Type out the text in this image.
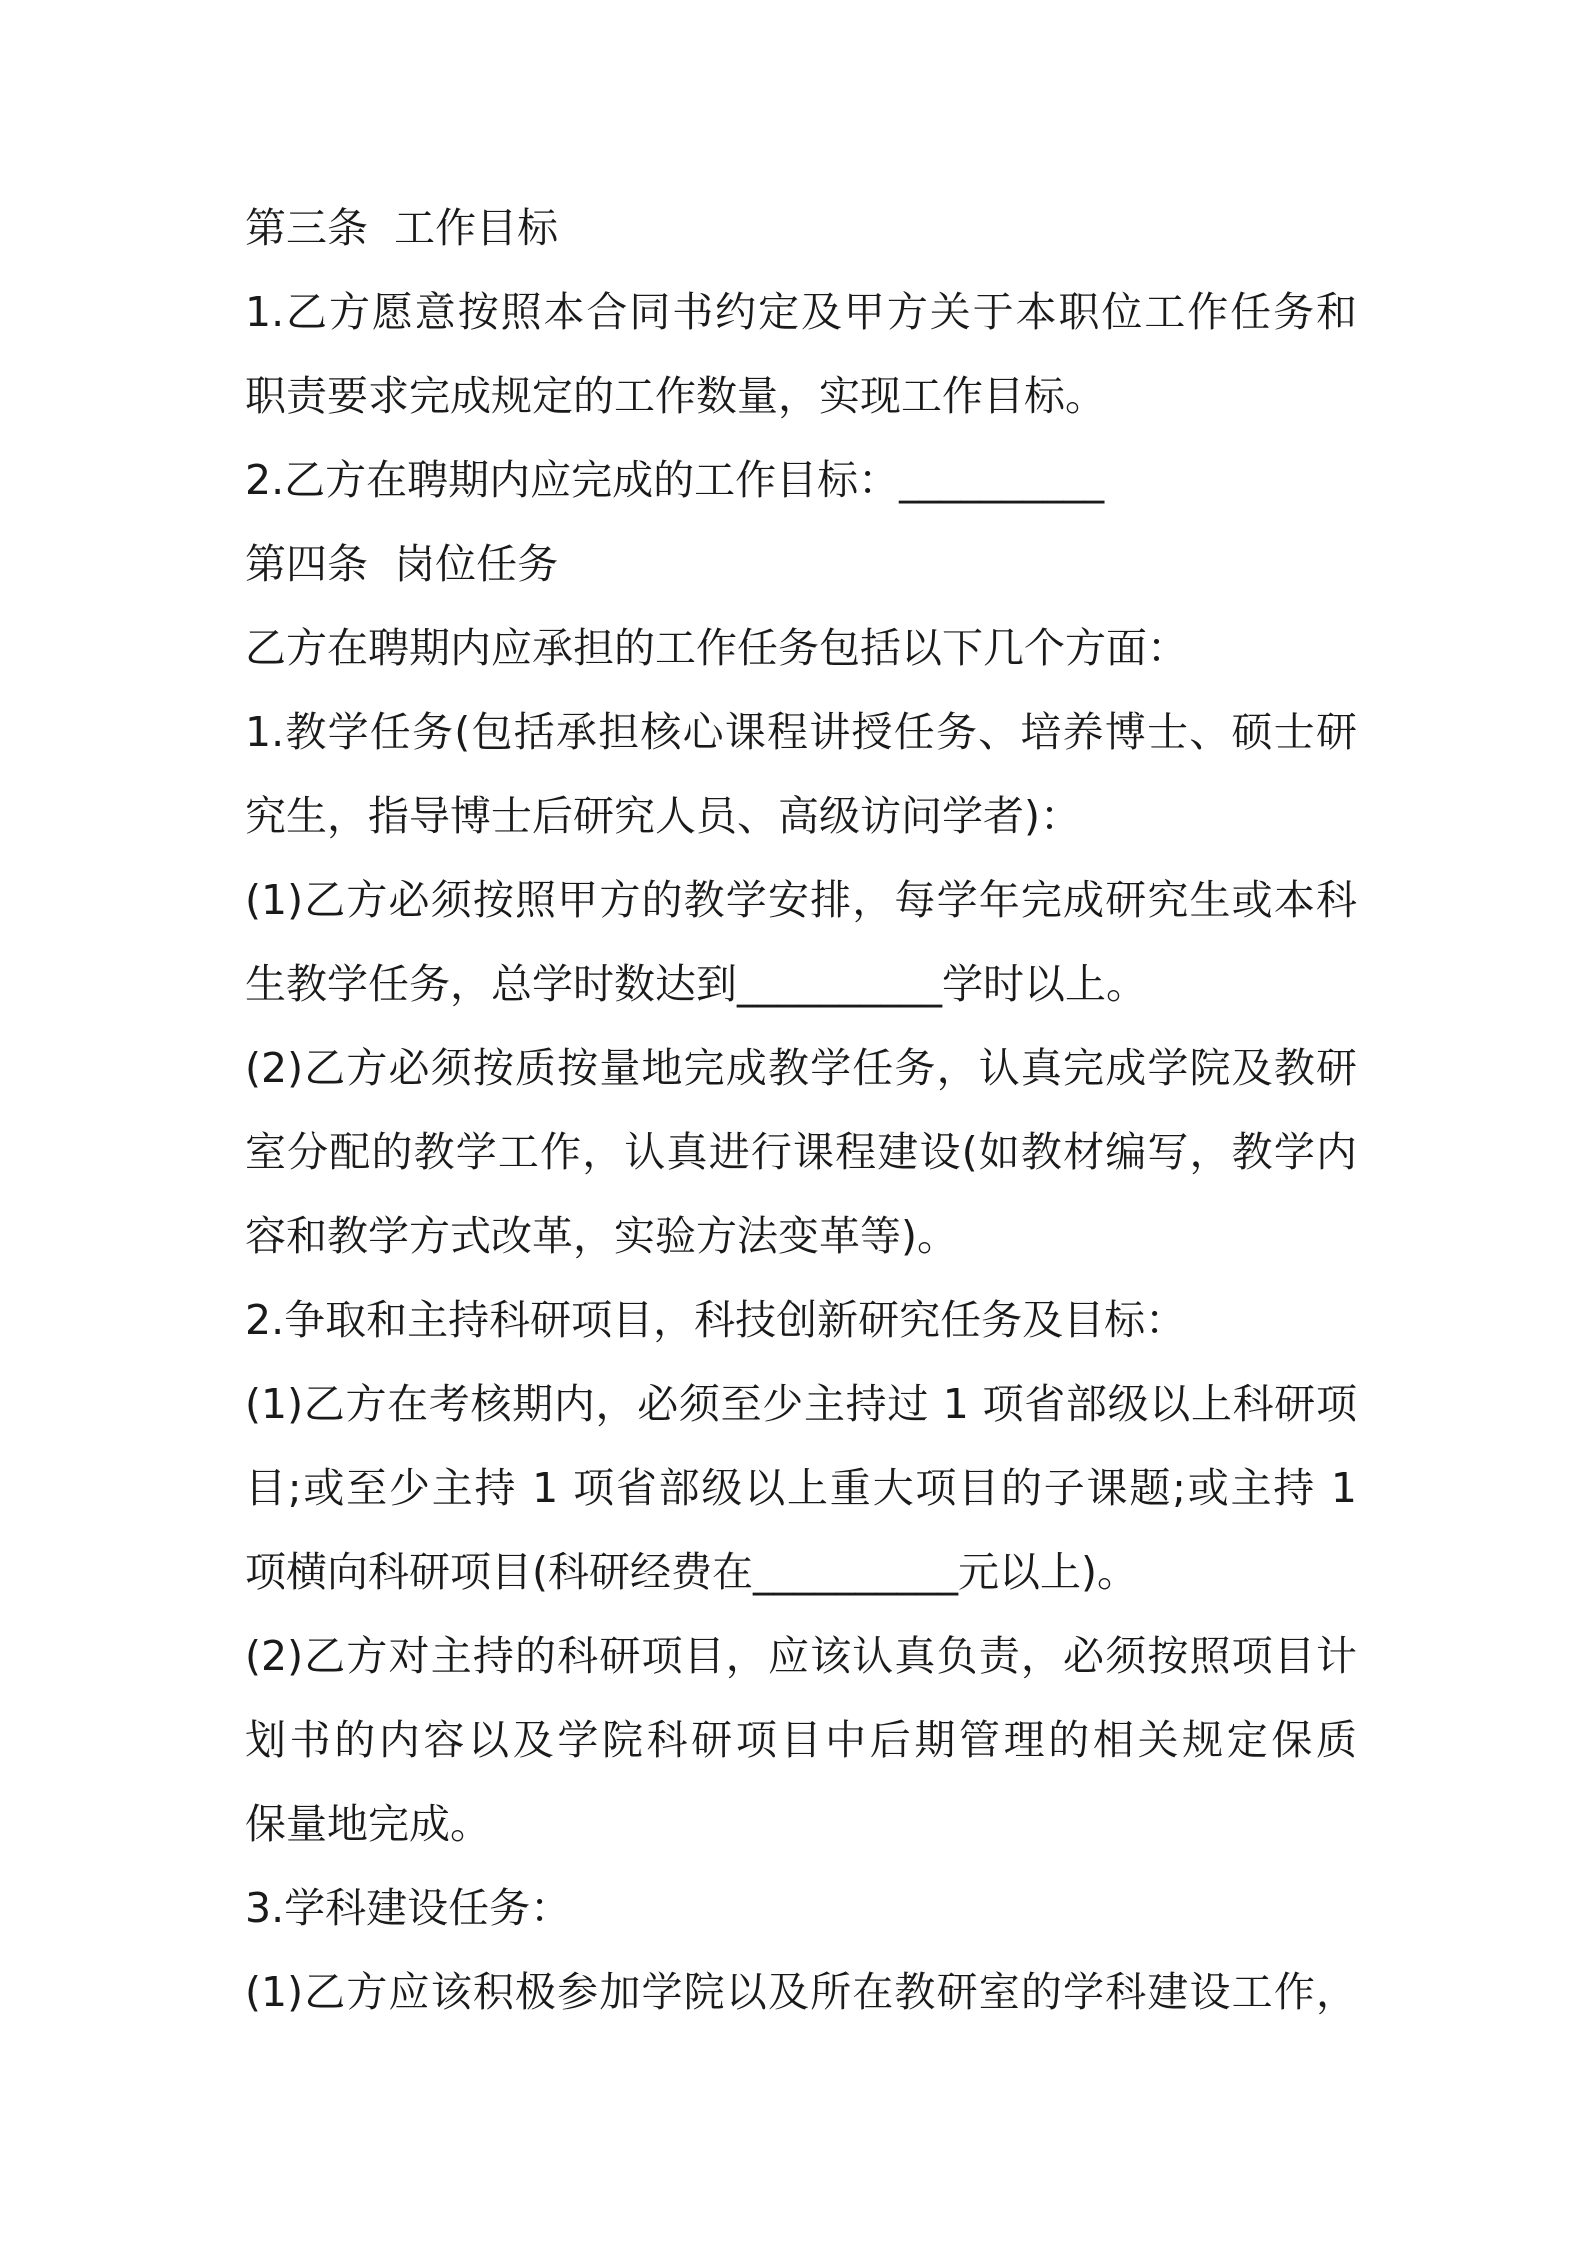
第三条  工作目标
1.乙方愿意按照本合同书约定及甲方关于本职位工作任务和
职责要求完成规定的工作数量，实现工作目标。
2.乙方在聘期内应完成的工作目标：__________
第四条  岗位任务
乙方在聘期内应承担的工作任务包括以下几个方面：
1.教学任务(包括承担核心课程讲授任务、培养博士、硕士研
究生，指导博士后研究人员、高级访问学者)：
(1)乙方必须按照甲方的教学安排，每学年完成研究生或本科
生教学任务，总学时数达到__________学时以上。
(2)乙方必须按质按量地完成教学任务，认真完成学院及教研
室分配的教学工作，认真进行课程建设(如教材编写，教学内
容和教学方式改革，实验方法变革等)。
2.争取和主持科研项目，科技创新研究任务及目标：
(1)乙方在考核期内，必须至少主持过 1 项省部级以上科研项
目;或至少主持 1 项省部级以上重大项目的子课题;或主持 1
项横向科研项目(科研经费在__________元以上)。
(2)乙方对主持的科研项目，应该认真负责，必须按照项目计
划书的内容以及学院科研项目中后期管理的相关规定保质
保量地完成。
3.学科建设任务：
(1)乙方应该积极参加学院以及所在教研室的学科建设工作，
